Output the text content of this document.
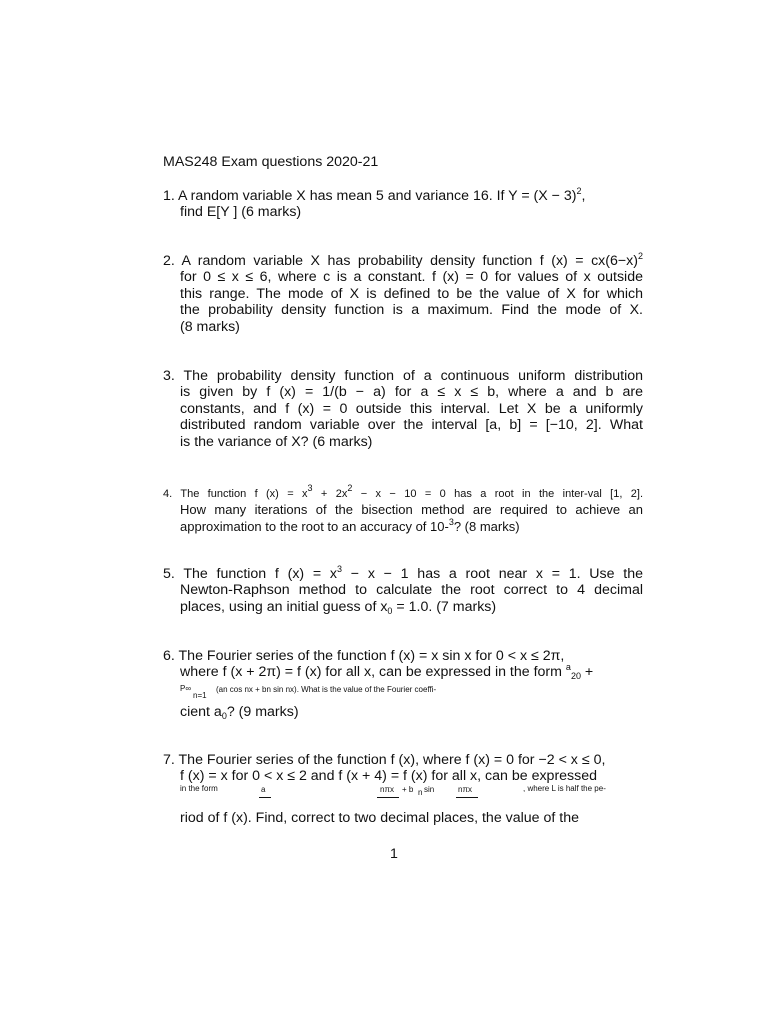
MAS248 Exam questions 2020-21
1. A random variable X has mean 5 and variance 16. If $Y = (X - 3)^2$,
find E[Y ] (6 marks)
2. A random variable X has probability density function f $(x) = cx(6-x)^2$
for 0 ≤ x ≤ 6, where c is a constant. f (x) = 0 for values of x outside
this range. The mode of X is defined to be the value of X for which
the probability density function is a maximum. Find the mode of X.
(8 marks)
3. The probability density function of a continuous uniform distribution
is given by f (x) = 1/(b − a) for a ≤ x ≤ b, where a and b are
constants, and f (x) = 0 outside this interval. Let X be a uniformly
distributed random variable over the interval [a, b] = [−10, 2]. What
is the variance of X? (6 marks)
4. The function f $(x) = x^3 + 2x^2 - x - 10 = 0$ has a root in the inter-val [1, 2].
How many iterations of the bisection method are required to achieve an
approximation to the root to an accuracy of 10-$^3$? (8 marks)
5. The function f $(x) = x^3 - x - 1$ has a root near x = 1. Use the
Newton-Raphson method to calculate the root correct to 4 decimal
places, using an initial guess of $x_0 = 1.0$. (7 marks)
6. The Fourier series of the function f (x) = x sin x for 0 < x ≤ 2π,
where f (x + 2π) = f (x) for all x, can be expressed in the form $^a_{20}$ +
P∞
n=1
(an cos nx + bn sin nx). What is the value of the Fourier coeffi-
cient $a_0$? (9 marks)
7. The Fourier series of the function f (x), where f (x) = 0 for −2 < x ≤ 0,
f (x) = x for 0 < x ≤ 2 and f (x + 4) = f (x) for all x, can be expressed
in the form	a	nπx + b n sin	nπx	, where L is half the pe-
riod of f (x). Find, correct to two decimal places, the value of the
1
